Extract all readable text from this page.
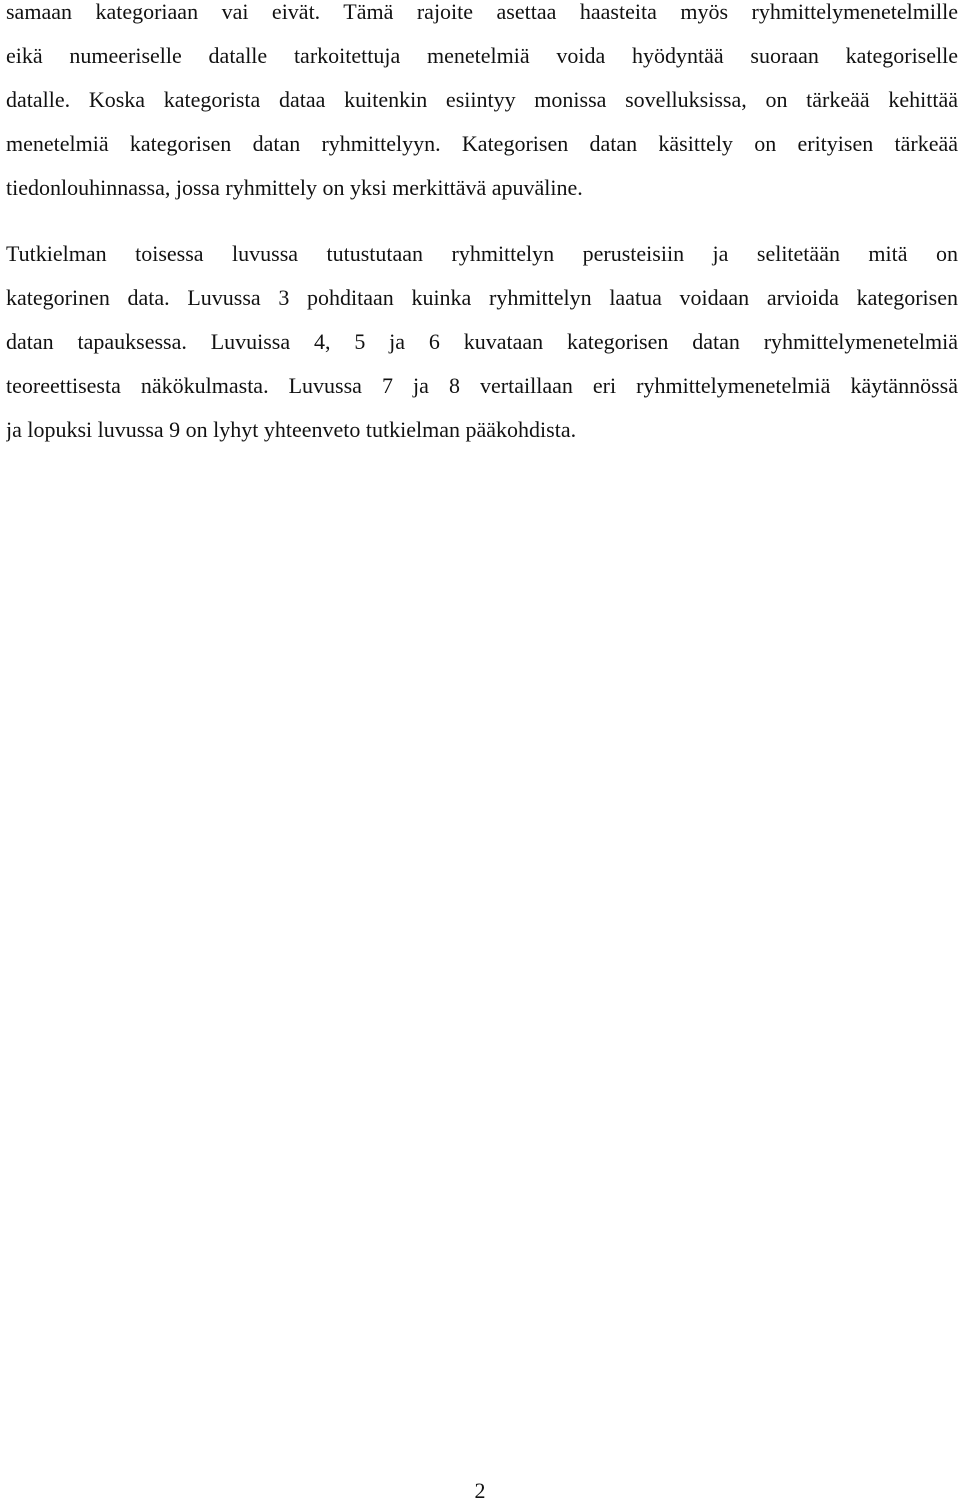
samaan kategoriaan vai eivät. Tämä rajoite asettaa haasteita myös ryhmittelymenetelmille
eikä numeeriselle datalle tarkoitettuja menetelmiä voida hyödyntää suoraan kategoriselle
datalle. Koska kategorista dataa kuitenkin esiintyy monissa sovelluksissa, on tärkeää kehittää
menetelmiä kategorisen datan ryhmittelyyn. Kategorisen datan käsittely on erityisen tärkeää
tiedonlouhinnassa, jossa ryhmittely on yksi merkittävä apuväline.
Tutkielman toisessa luvussa tutustutaan ryhmittelyn perusteisiin ja selitetään mitä on
kategorinen data. Luvussa 3 pohditaan kuinka ryhmittelyn laatua voidaan arvioida kategorisen
datan tapauksessa. Luvuissa 4, 5 ja 6 kuvataan kategorisen datan ryhmittelymenetelmiä
teoreettisesta näkökulmasta. Luvussa 7 ja 8 vertaillaan eri ryhmittelymenetelmiä käytännössä
ja lopuksi luvussa 9 on lyhyt yhteenveto tutkielman pääkohdista.
2
